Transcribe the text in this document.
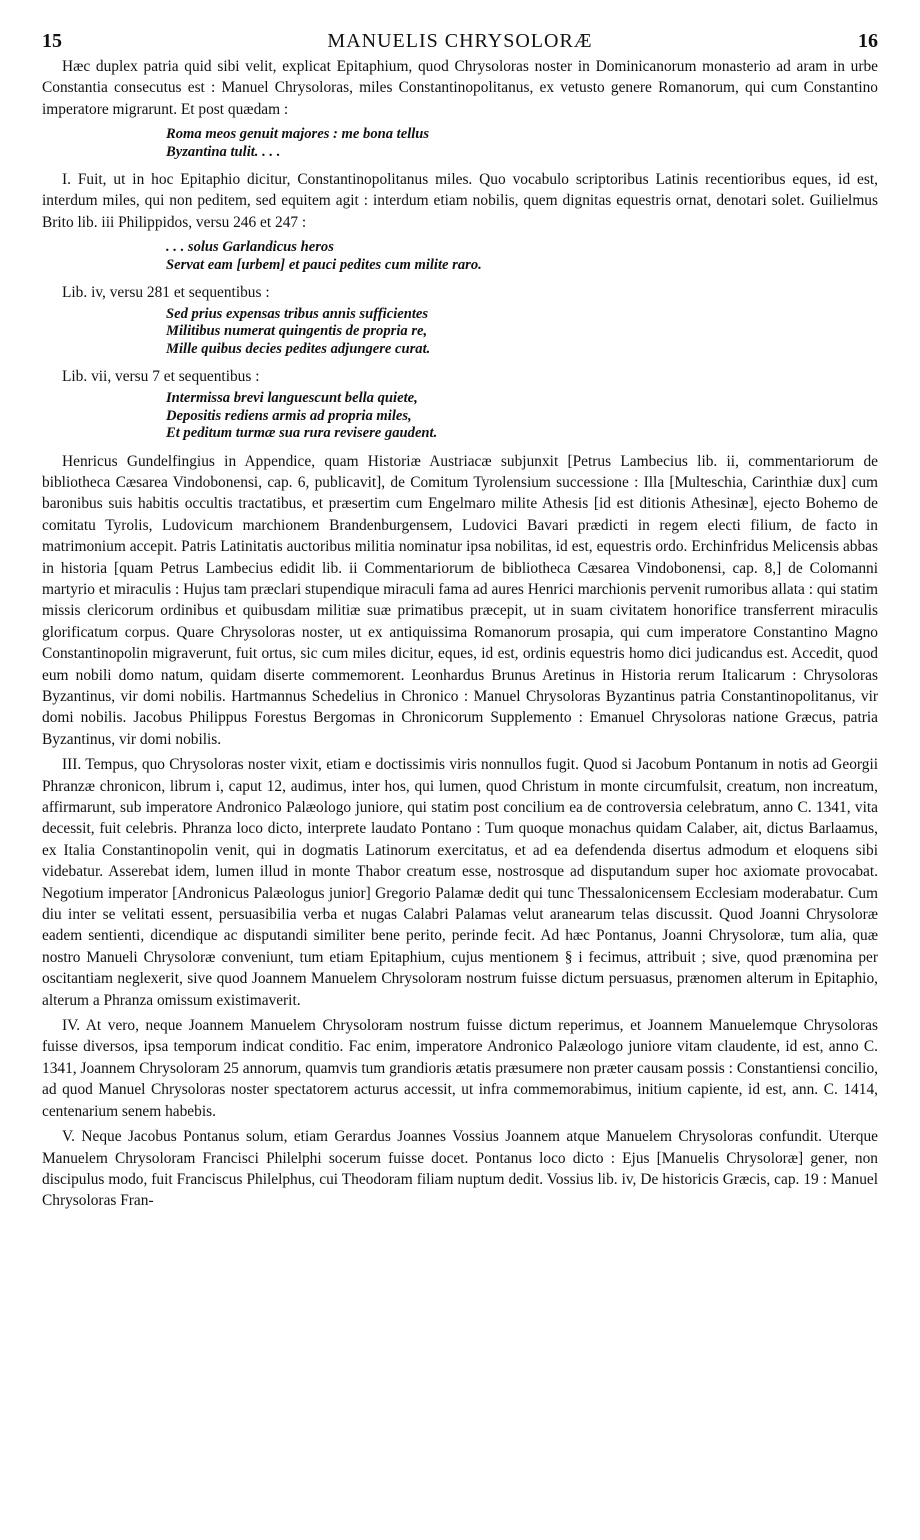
15	MANUELIS CHRYSOLORÆ	16

Hæc duplex patria quid sibi velit, explicat Epitaphium, quod Chrysoloras noster in Dominicanorum monasterio ad aram in urbe Constantia consecutus est : Manuel Chrysoloras, miles Constantinopolitanus, ex vetusto genere Romanorum, qui cum Constantino imperatore migrarunt. Et post quædam :

Roma meos genuit majores : me bona tellus
Byzantina tulit. . . .

I. Fuit, ut in hoc Epitaphio dicitur, Constantinopolitanus miles. Quo vocabulo scriptoribus Latinis recentioribus eques, id est, interdum miles, qui non peditem, sed equitem agit : interdum etiam nobilis, quem dignitas equestris ornat, denotari solet. Guilielmus Brito lib. iii Philippidos, versu 246 et 247 :

. . . solus Garlandicus heros
Servat eam [urbem] et pauci pedites cum milite raro.
Lib. iv, versu 281 et sequentibus :
Sed prius expensas tribus annis sufficientes
Militibus numerat quingentis de propria re,
Mille quibus decies pedites adjungere curat.
Lib. vii, versu 7 et sequentibus :
Intermissa brevi languescunt bella quiete,
Depositis rediens armis ad propria miles,
Et peditum turmæ sua rura revisere gaudent.

Henricus Gundelfingius in Appendice, quam Historiæ Austriacæ subjunxit [Petrus Lambecius lib. ii, commentariorum de bibliotheca Cæsarea Vindobonensi, cap. 6, publicavit], de Comitum Tyrolensium successione : Illa [Multeschia, Carinthiæ dux] cum baronibus suis habitis occultis tractatibus, et præsertim cum Engelmaro milite Athesis [id est ditionis Athesinæ], ejecto Bohemo de comitatu Tyrolis, Ludovicum marchionem Brandenburgensem, Ludovici Bavari prædicti in regem electi filium, de facto in matrimonium accepit. Patris Latinitatis auctoribus militia nominatur ipsa nobilitas, id est, equestris ordo. Erchinfridus Melicensis abbas in historia [quam Petrus Lambecius edidit lib. ii Commentariorum de bibliotheca Cæsarea Vindobonensi, cap. 8,] de Colomanni martyrio et miraculis : Hujus tam præclari stupendique miraculi fama ad aures Henrici marchionis pervenit rumoribus allata : qui statim missis clericorum ordinibus et quibusdam militiæ suæ primatibus præcepit, ut in suam civitatem honorifice transferrent miraculis glorificatum corpus. Quare Chrysoloras noster, ut ex antiquissima Romanorum prosapia, qui cum imperatore Constantino Magno Constantinopolin migraverunt, fuit ortus, sic cum miles dicitur, eques, id est, ordinis equestris homo dici judicandus est. Accedit, quod eum nobili domo natum, quidam diserte commemorent. Leonhardus Brunus Aretinus in Historia rerum Italicarum : Chrysoloras Byzantinus, vir domi nobilis. Hartmannus Schedelius in Chronico : Manuel Chrysoloras Byzantinus patria Constantinopolitanus, vir domi nobilis. Jacobus Philippus Forestus Bergomas in Chronicorum Supplemento : Emanuel Chrysoloras natione Græcus, patria Byzantinus, vir domi nobilis.

III. Tempus, quo Chrysoloras noster vixit, etiam e doctissimis viris nonnullos fugit. Quod si Jacobum Pontanum in notis ad Georgii Phranzæ chronicon, librum i, caput 12, audimus, inter hos, qui lumen, quod Christum in monte circumfulsit, creatum, non increatum, affirmarunt, sub imperatore Andronico Palæologo juniore, qui statim post concilium ea de controversia celebratum, anno C. 1341, vita decessit, fuit celebris. Phranza loco dicto, interprete laudato Pontano : Tum quoque monachus quidam Calaber, ait, dictus Barlaamus, ex Italia Constantinopolin venit, qui in dogmatis Latinorum exercitatus, et ad ea defendenda disertus admodum et eloquens sibi videbatur. Asserebat idem, lumen illud in monte Thabor creatum esse, nostrosque ad disputandum super hoc axiomate provocabat. Negotium imperator [Andronicus Palæologus junior] Gregorio Palamæ dedit qui tunc Thessalonicensem Ecclesiam moderabatur. Cum diu inter se velitati essent, persuasibilia verba et nugas Calabri Palamas velut aranearum telas discussit. Quod Joanni Chrysoloræ eadem sentienti, dicendique ac disputandi similiter bene perito, perinde fecit. Ad hæc Pontanus, Joanni Chrysoloræ, tum alia, quæ nostro Manueli Chrysoloræ conveniunt, tum etiam Epitaphium, cujus mentionem § i fecimus, attribuit ; sive, quod prænomina per oscitantiam neglexerit, sive quod Joannem Manuelem Chrysoloram nostrum fuisse dictum persuasus, prænomen alterum in Epitaphio, alterum a Phranza omissum existimaverit.

IV. At vero, neque Joannem Manuelem Chrysoloram nostrum fuisse dictum reperimus, et Joannem Manuelemque Chrysoloras fuisse diversos, ipsa temporum indicat conditio. Fac enim, imperatore Andronico Palæologo juniore vitam claudente, id est, anno C. 1341, Joannem Chrysoloram 25 annorum, quamvis tum grandioris ætatis præsumere non præter causam possis : Constantiensi concilio, ad quod Manuel Chrysoloras noster spectatorem acturus accessit, ut infra commemorabimus, initium capiente, id est, ann. C. 1414, centenarium senem habebis.

V. Neque Jacobus Pontanus solum, etiam Gerardus Joannes Vossius Joannem atque Manuelem Chrysoloras confundit. Uterque Manuelem Chrysoloram Francisci Philelphi socerum fuisse docet. Pontanus loco dicto : Ejus [Manuelis Chrysoloræ] gener, non discipulus modo, fuit Franciscus Philelphus, cui Theodoram filiam nuptum dedit. Vossius lib. iv, De historicis Græcis, cap. 19 : Manuel Chrysoloras Fran-
